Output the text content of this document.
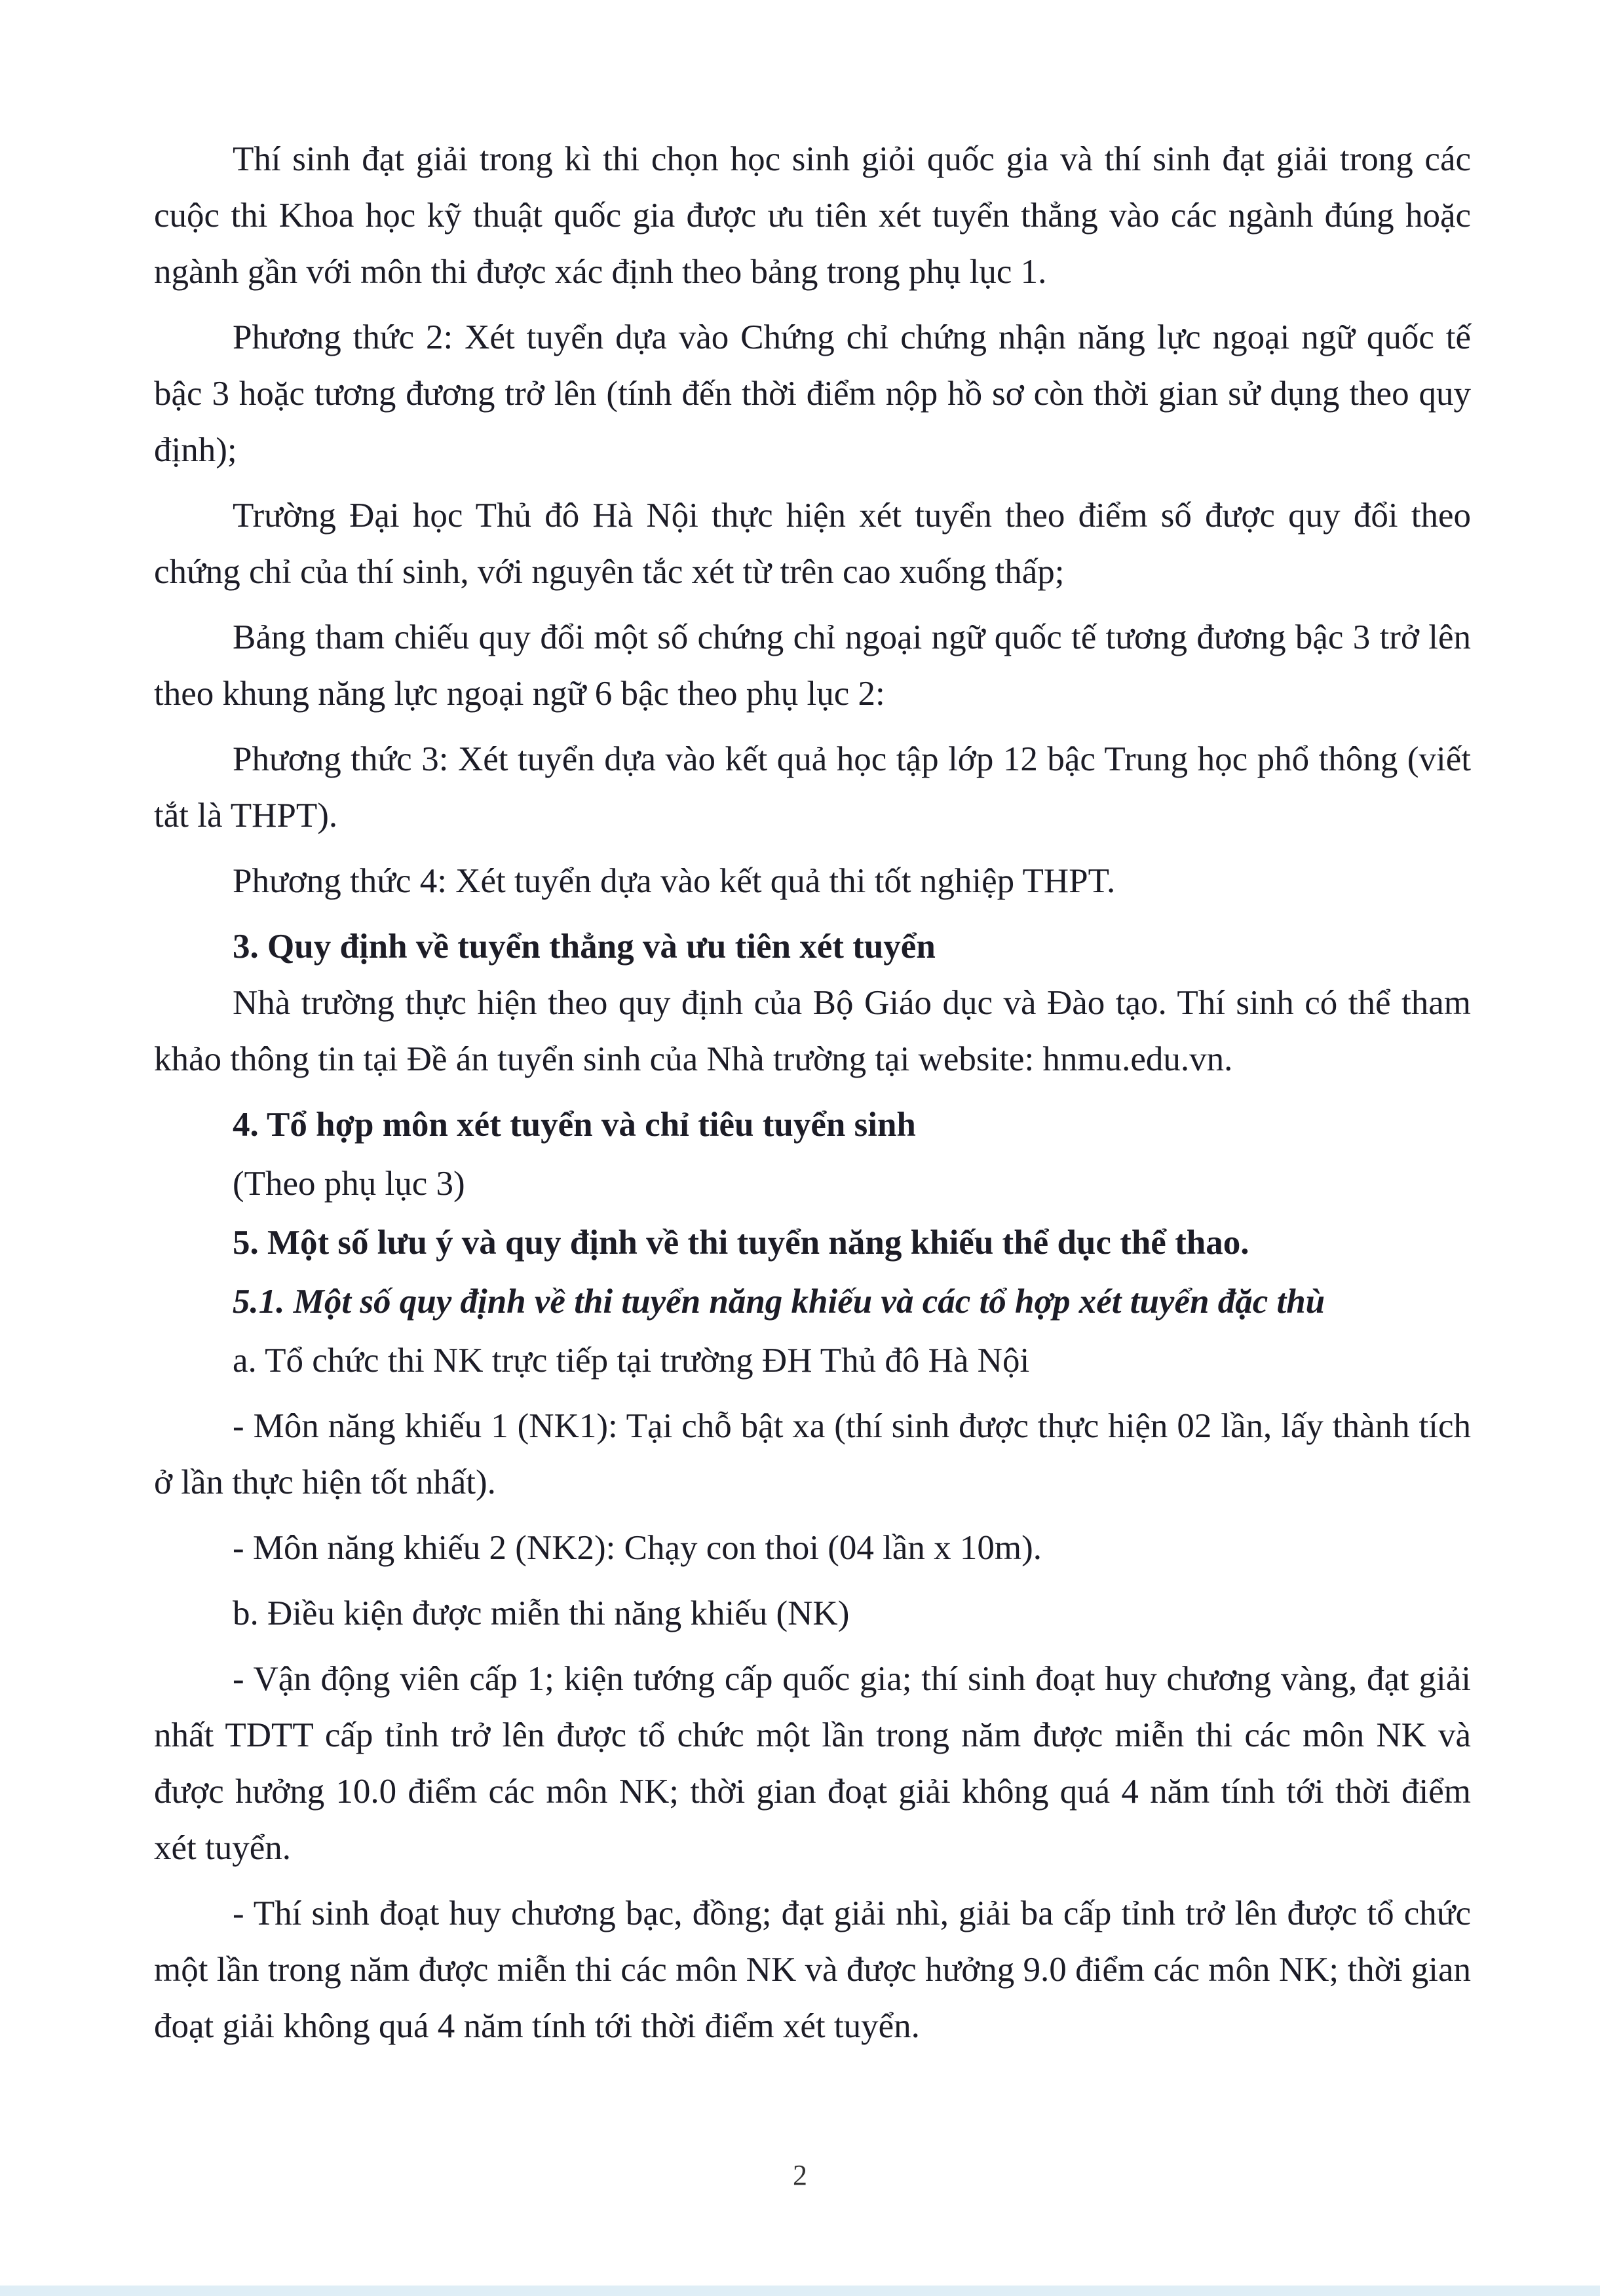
Thí sinh đạt giải trong kì thi chọn học sinh giỏi quốc gia và thí sinh đạt giải trong các cuộc thi Khoa học kỹ thuật quốc gia được ưu tiên xét tuyển thẳng vào các ngành đúng hoặc ngành gần với môn thi được xác định theo bảng trong phụ lục 1.

Phương thức 2: Xét tuyển dựa vào Chứng chỉ chứng nhận năng lực ngoại ngữ quốc tế bậc 3 hoặc tương đương trở lên (tính đến thời điểm nộp hồ sơ còn thời gian sử dụng theo quy định);

Trường Đại học Thủ đô Hà Nội thực hiện xét tuyển theo điểm số được quy đổi theo chứng chỉ của thí sinh, với nguyên tắc xét từ trên cao xuống thấp;

Bảng tham chiếu quy đổi một số chứng chỉ ngoại ngữ quốc tế tương đương bậc 3 trở lên theo khung năng lực ngoại ngữ 6 bậc theo phụ lục 2:

Phương thức 3: Xét tuyển dựa vào kết quả học tập lớp 12 bậc Trung học phổ thông (viết tắt là THPT).

Phương thức 4: Xét tuyển dựa vào kết quả thi tốt nghiệp THPT.

3. Quy định về tuyển thẳng và ưu tiên xét tuyển

Nhà trường thực hiện theo quy định của Bộ Giáo dục và Đào tạo. Thí sinh có thể tham khảo thông tin tại Đề án tuyển sinh của Nhà trường tại website: hnmu.edu.vn.

4. Tổ hợp môn xét tuyển và chỉ tiêu tuyển sinh

(Theo phụ lục 3)

5. Một số lưu ý và quy định về thi tuyển năng khiếu thể dục thể thao.

5.1. Một số quy định về thi tuyển năng khiếu và các tổ hợp xét tuyển đặc thù

a. Tổ chức thi NK trực tiếp tại trường ĐH Thủ đô Hà Nội

- Môn năng khiếu 1 (NK1): Tại chỗ bật xa (thí sinh được thực hiện 02 lần, lấy thành tích ở lần thực hiện tốt nhất).

- Môn năng khiếu 2 (NK2): Chạy con thoi (04 lần x 10m).

b. Điều kiện được miễn thi năng khiếu (NK)

- Vận động viên cấp 1; kiện tướng cấp quốc gia; thí sinh đoạt huy chương vàng, đạt giải nhất TDTT cấp tỉnh trở lên được tổ chức một lần trong năm được miễn thi các môn NK và được hưởng 10.0 điểm các môn NK; thời gian đoạt giải không quá 4 năm tính tới thời điểm xét tuyển.

- Thí sinh đoạt huy chương bạc, đồng; đạt giải nhì, giải ba cấp tỉnh trở lên được tổ chức một lần trong năm được miễn thi các môn NK và được hưởng 9.0 điểm các môn NK; thời gian đoạt giải không quá 4 năm tính tới thời điểm xét tuyển.

2
